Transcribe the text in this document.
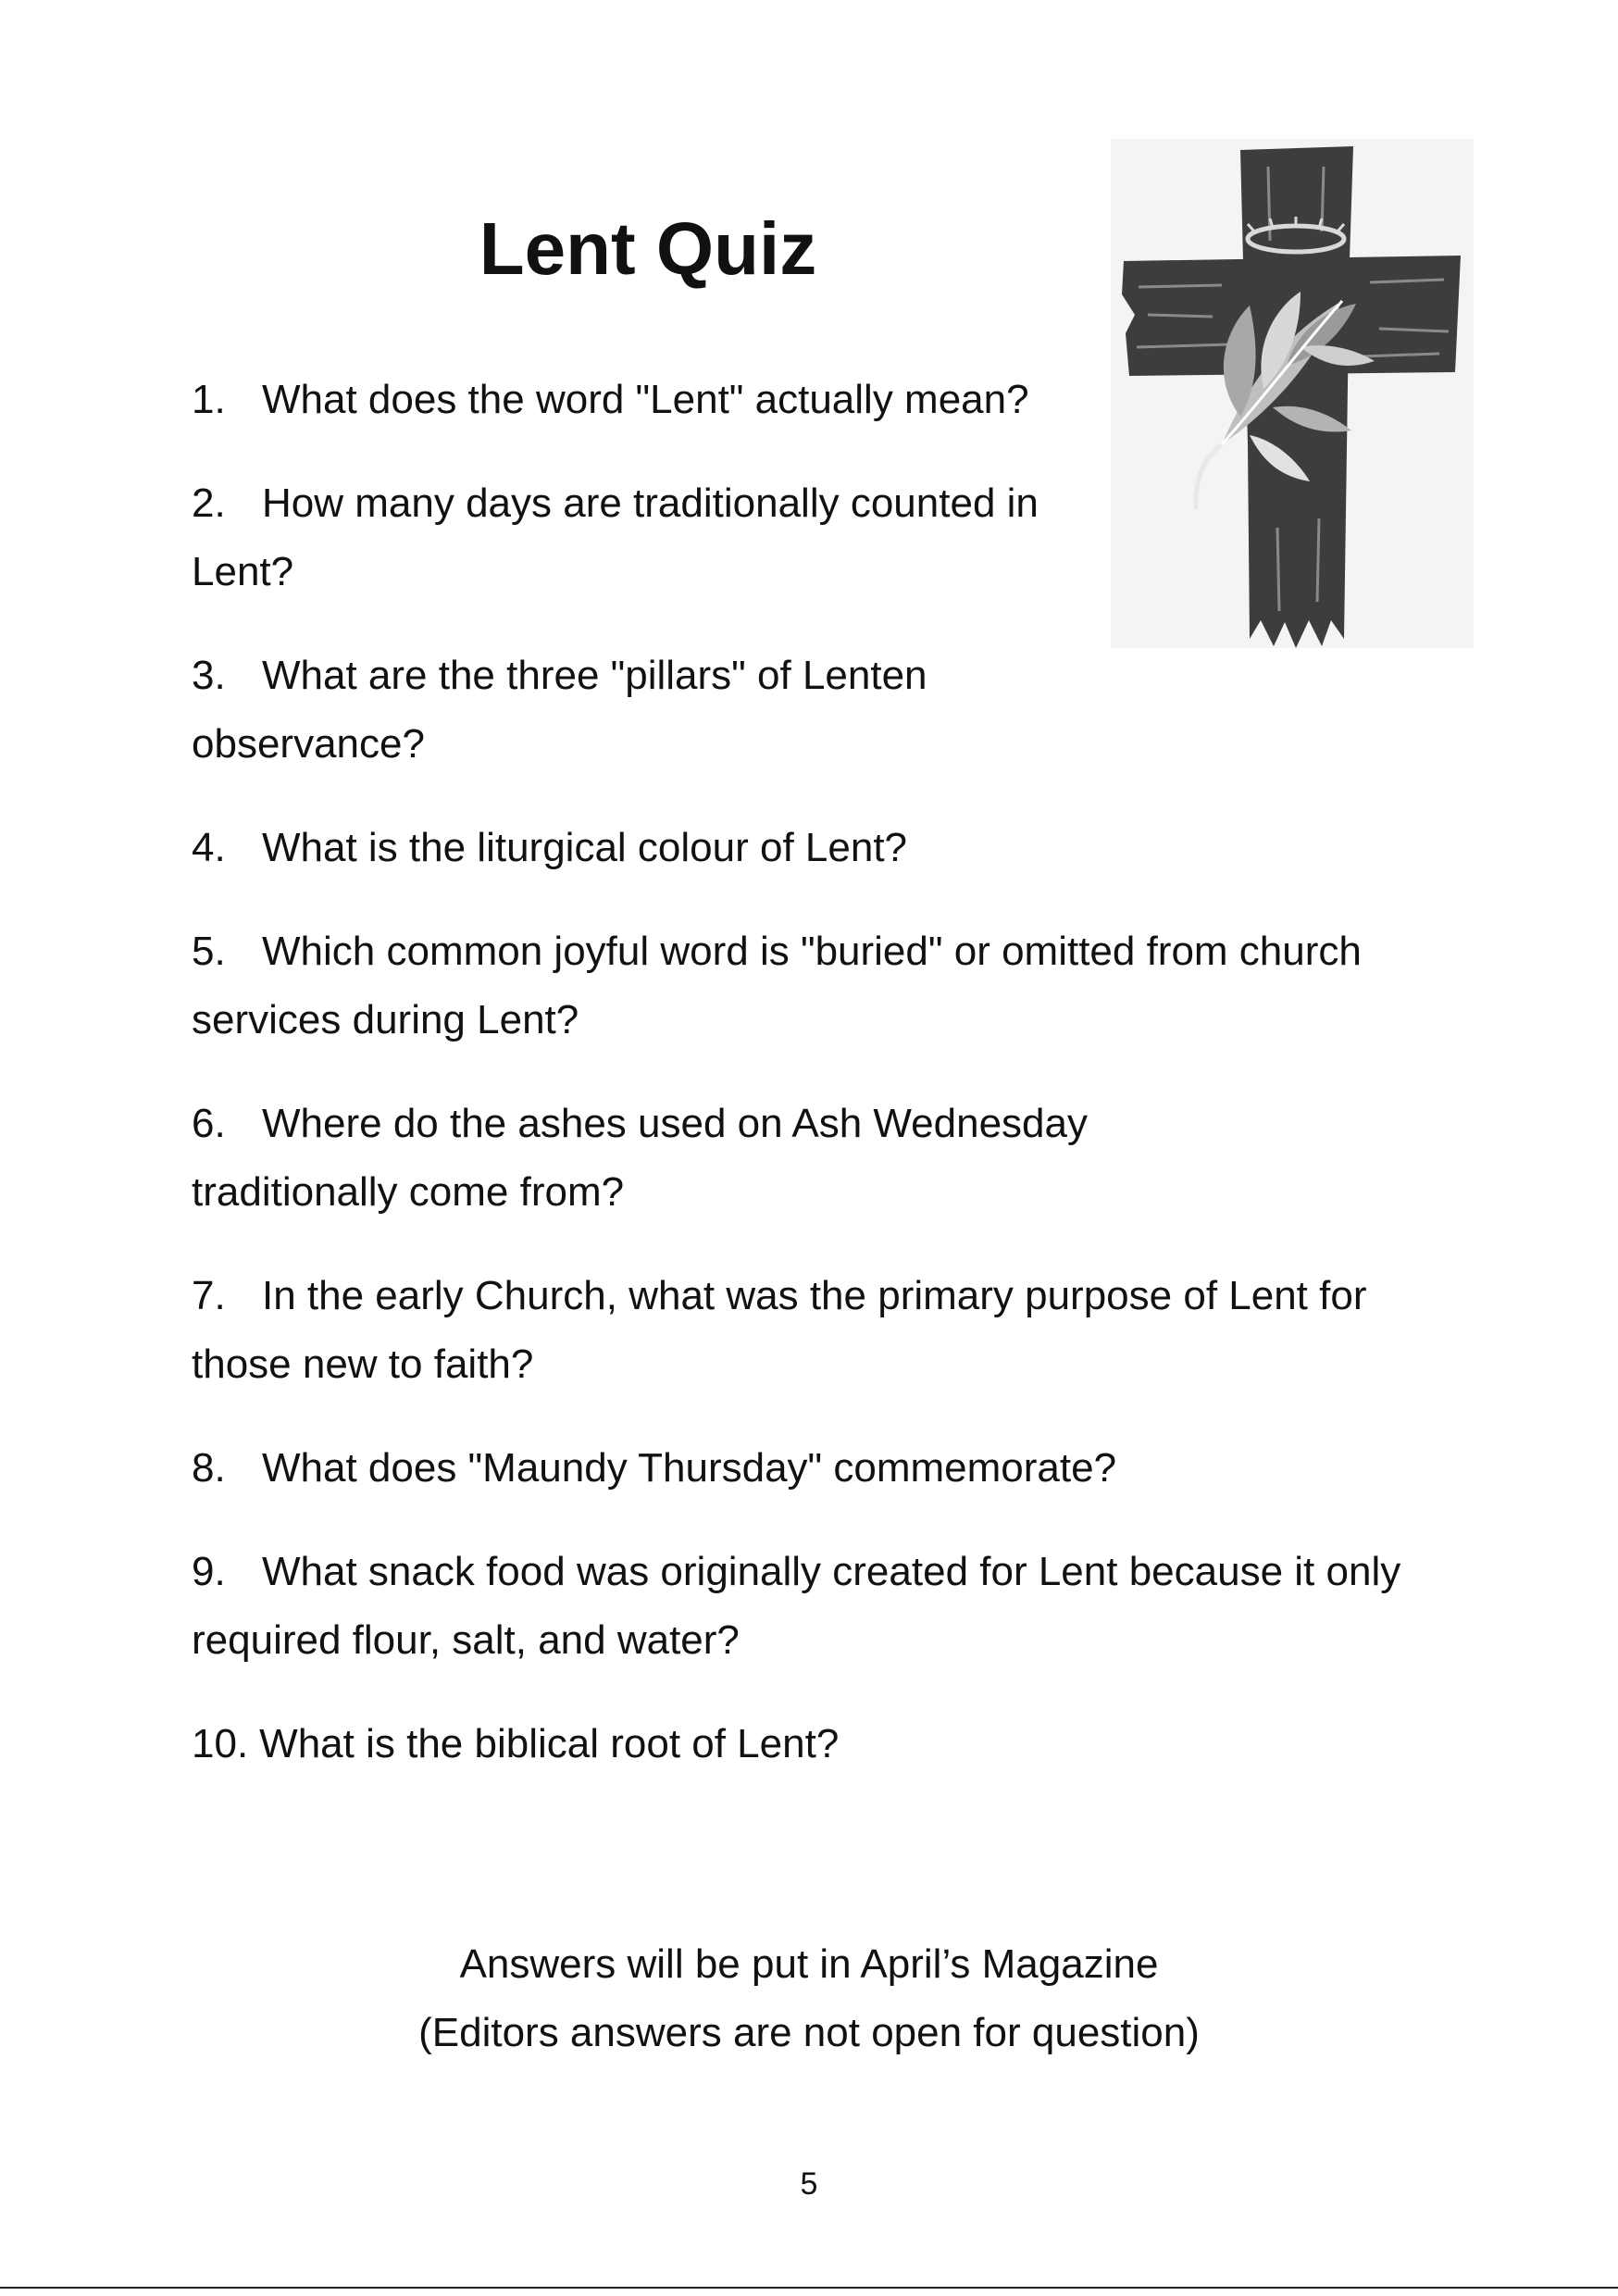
Lent Quiz
1. What does the word "Lent" actually mean?
2. How many days are traditionally counted in Lent?
3. What are the three "pillars" of Lenten observance?
4. What is the liturgical colour of Lent?
5. Which common joyful word is "buried" or omitted from church services during Lent?
6. Where do the ashes used on Ash Wednesday traditionally come from?
7. In the early Church, what was the primary purpose of Lent for those new to faith?
8. What does "Maundy Thursday" commemorate?
9. What snack food was originally created for Lent because it only required flour, salt, and water?
10. What is the biblical root of Lent?
Answers will be put in April’s Magazine
(Editors answers are not open for question)
5
